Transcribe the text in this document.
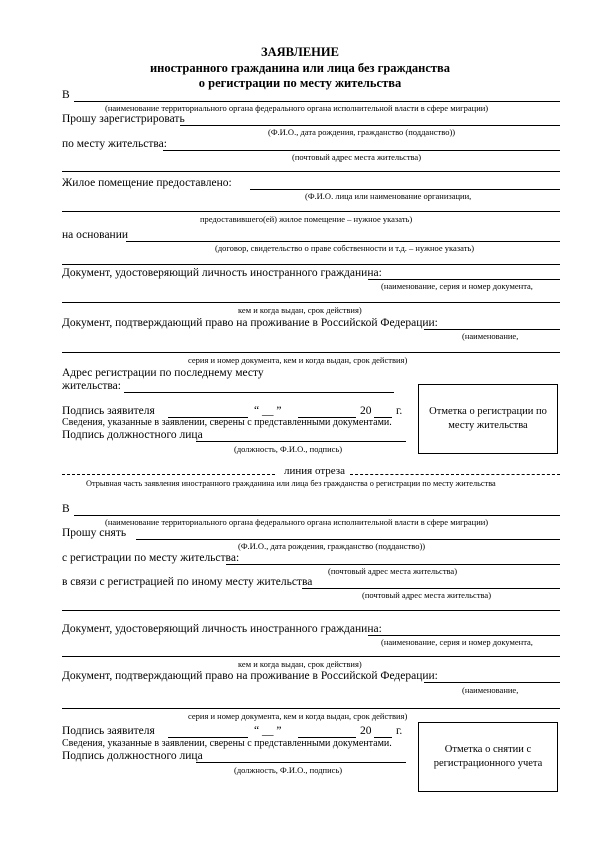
ЗАЯВЛЕНИЕ
иностранного гражданина или лица без гражданства
о регистрации по месту жительства
В
(наименование территориального органа федерального органа исполнительной власти в сфере миграции)
Прошу зарегистрировать
(Ф.И.О., дата рождения, гражданство (подданство))
по месту жительства:
(почтовый адрес места жительства)
Жилое помещение предоставлено:
(Ф.И.О. лица или наименование организации,
предоставившего(ей) жилое помещение – нужное указать)
на основании
(договор, свидетельство о праве собственности и т.д. – нужное указать)
Документ, удостоверяющий личность иностранного гражданина:
(наименование, серия и номер документа,
кем и когда выдан, срок действия)
Документ, подтверждающий право на проживание в Российской Федерации:
(наименование,
серия и номер документа, кем и когда выдан, срок действия)
Адрес регистрации по последнему месту
жительства:
Отметка о регистрации по месту жительства
Подпись заявителя	“ __ ”	20 г.
Сведения, указанные в заявлении, сверены с представленными документами.
Подпись должностного лица
(должность, Ф.И.О., подпись)
линия отреза
Отрывная часть заявления иностранного гражданина или лица без гражданства о регистрации по месту жительства
В
(наименование территориального органа федерального органа исполнительной власти в сфере миграции)
Прошу снять
(Ф.И.О., дата рождения, гражданство (подданство))
с регистрации по месту жительства:
(почтовый адрес места жительства)
в связи с регистрацией по иному месту жительства
(почтовый адрес места жительства)
Документ, удостоверяющий личность иностранного гражданина:
(наименование, серия и номер документа,
кем и когда выдан, срок действия)
Документ, подтверждающий право на проживание в Российской Федерации:
(наименование,
серия и номер документа, кем и когда выдан, срок действия)
Отметка о снятии с регистрационного учета
Подпись заявителя	“ __ ”	20 г.
Сведения, указанные в заявлении, сверены с представленными документами.
Подпись должностного лица
(должность, Ф.И.О., подпись)
